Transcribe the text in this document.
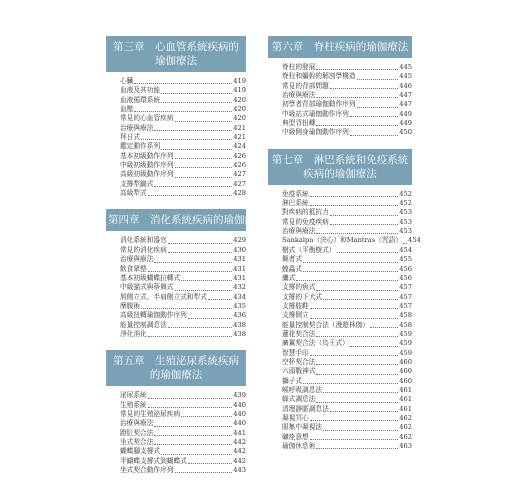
第三章　心血管系統疾病的
瑜伽療法
心臟	419
血液及其功能	419
血液循環系統	420
血壓	420
常見的心血管疾病	420
治療與療法	421
拜日式	421
鑑定動作系列	424
基本初級動作序列	426
中級初級動作序列	426
高級初級動作序列	427
支撐犁鋤式	427
高級犁式	428
第四章　消化系統疾病的瑜伽療法
消化系統和器官	429
常見的消化疾病	430
治療與療法	431
飲食眾整	431
基本初級蝴蝶拉轉式	431
中級猫式與蒂舞式	432
屑側立式、半肩側立式和犁式	434
摩腹術	435
高級扭轉瑜伽動作序列	436
能量控制調息法	438
淨化消化	438
第五章　生殖泌尿系統疾病
的瑜伽療法
泌尿系統	439
生殖系統	440
常見的生殖泌尿疾病	440
治療與療法	440
蹬肛契合法	441
坐式契合法	442
蝴蝶腳支撐式	442
半蝴蝶支撐式到蝴蝶式	442
坐式契合動作序列	443
第六章　脊柱疾病的瑜伽療法
脊柱的發展	445
脊柱和軀幹的解剖學構造	445
常見的背部問題	446
治療與療法	447
初學者背部瑜伽動作序列	447
中級站式瑜伽動作序列	449
典型背扭轉	449
中級側身瑜伽動作序列	450
第七章　淋巴系統和免疫系統
疾病的瑜伽療法
免疫系統	452
淋巴系統	452
對疾病的抵抗力	453
常見的免疫疾病	453
治療與療法	453
Sankalpa（決心）和Mantras（咒語） 454
樹式（平衡樹式）	454
舞者式	455
蝗蟲式	456
鷹式	456
支撐的魚式	457
支撐的下犬式	457
支撐肢鞋	457
支撐側立	458
能量控制契合法（漫遊林伽）	458
蓮花契合法	459
廣翼契合法（烏王式）	459
智慧手印	459
空杯契合法	460
六頭戰神式	460
獅子式	460
喉呼吸調息法	461
蜂式調息法	461
清理靜脈調息法	461
凝視冥心	462
眼集中凝視法	462
礦痊意想	462
瑜伽休息術	463
